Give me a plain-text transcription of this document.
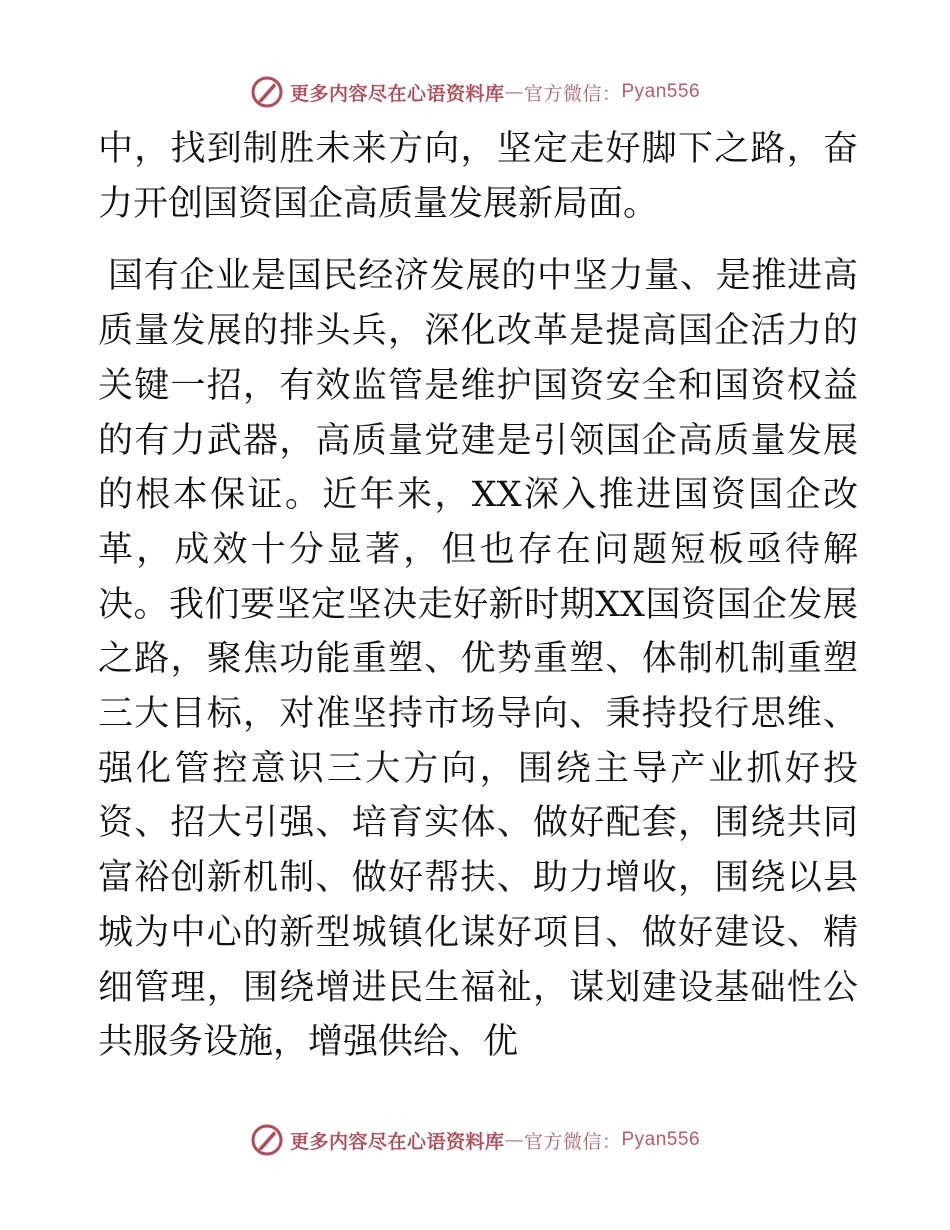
更多内容尽在心语资料库 — 官方微信： Pyan556

中，找到制胜未来方向，坚定走好脚下之路，奋力开创国资国企高质量发展新局面。

国有企业是国民经济发展的中坚力量、是推进高质量发展的排头兵，深化改革是提高国企活力的关键一招，有效监管是维护国资安全和国资权益的有力武器，高质量党建是引领国企高质量发展的根本保证。近年来，XX深入推进国资国企改革，成效十分显著，但也存在问题短板亟待解决。我们要坚定坚决走好新时期XX国资国企发展之路，聚焦功能重塑、优势重塑、体制机制重塑三大目标，对准坚持市场导向、秉持投行思维、强化管控意识三大方向，围绕主导产业抓好投资、招大引强、培育实体、做好配套，围绕共同富裕创新机制、做好帮扶、助力增收，围绕以县城为中心的新型城镇化谋好项目、做好建设、精细管理，围绕增进民生福祉，谋划建设基础性公共服务设施，增强供给、优

更多内容尽在心语资料库 — 官方微信： Pyan556
